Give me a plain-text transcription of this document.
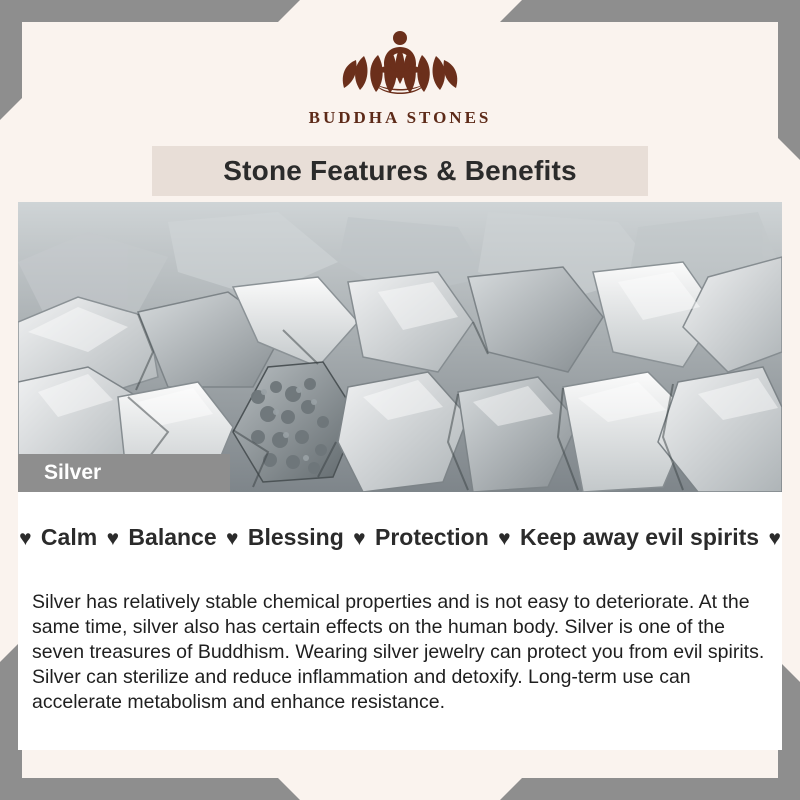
BUDDHA STONES
Stone Features & Benefits
Silver
♥ Calm ♥ Balance ♥ Blessing ♥ Protection ♥ Keep away evil spirits ♥

Silver has relatively stable chemical properties and is not easy to deteriorate. At the same time, silver also has certain effects on the human body. Silver is one of the seven treasures of Buddhism. Wearing silver jewelry can protect you from evil spirits. Silver can sterilize and reduce inflammation and detoxify. Long-term use can accelerate metabolism and enhance resistance.
